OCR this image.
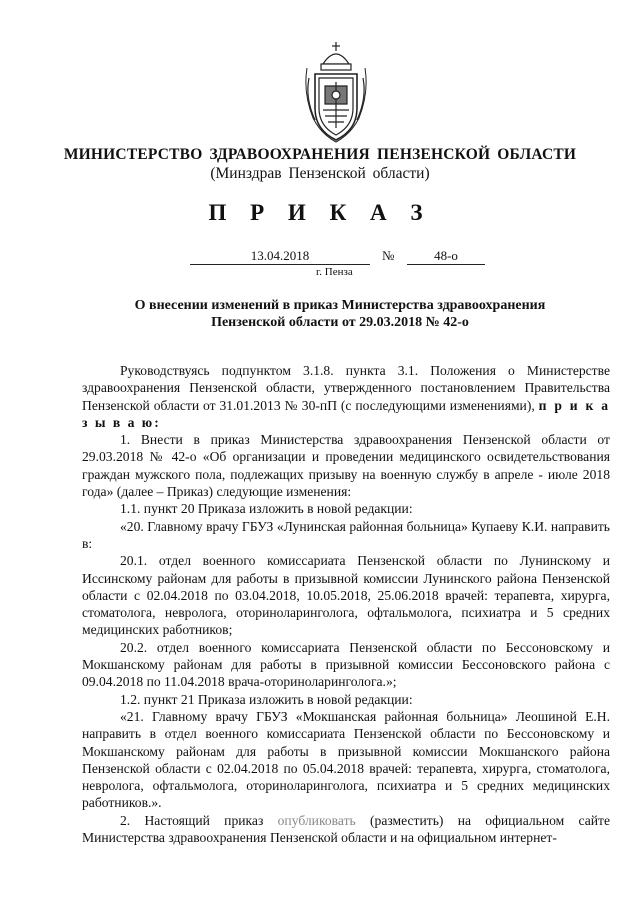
МИНИСТЕРСТВО ЗДРАВООХРАНЕНИЯ ПЕНЗЕНСКОЙ ОБЛАСТИ
(Минздрав Пензенской области)
П Р И К А З
13.04.2018	№	48-о
г. Пенза
О внесении изменений в приказ Министерства здравоохранения
Пензенской области от 29.03.2018 № 42-о

Руководствуясь подпунктом 3.1.8. пункта 3.1. Положения о Министерстве здравоохранения Пензенской области, утвержденного постановлением Правительства Пензенской области от 31.01.2013 № 30-пП (с последующими изменениями), п р и к а з ы в а ю:

1. Внести в приказ Министерства здравоохранения Пензенской области от 29.03.2018 № 42-о «Об организации и проведении медицинского освидетельствования граждан мужского пола, подлежащих призыву на военную службу в апреле - июле 2018 года» (далее – Приказ) следующие изменения:

1.1. пункт 20 Приказа изложить в новой редакции:

«20. Главному врачу ГБУЗ «Лунинская районная больница» Купаеву К.И. направить в:

20.1. отдел военного комиссариата Пензенской области по Лунинскому и Иссинскому районам для работы в призывной комиссии Лунинского района Пензенской области с 02.04.2018 по 03.04.2018, 10.05.2018, 25.06.2018 врачей: терапевта, хирурга, стоматолога, невролога, оториноларинголога, офтальмолога, психиатра и 5 средних медицинских работников;

20.2. отдел военного комиссариата Пензенской области по Бессоновскому и Мокшанскому районам для работы в призывной комиссии Бессоновского района с 09.04.2018 по 11.04.2018 врача-оториноларинголога.»;

1.2. пункт 21 Приказа изложить в новой редакции:

«21. Главному врачу ГБУЗ «Мокшанская районная больница» Леошиной Е.Н. направить в отдел военного комиссариата Пензенской области по Бессоновскому и Мокшанскому районам для работы в призывной комиссии Мокшанского района Пензенской области с 02.04.2018 по 05.04.2018 врачей: терапевта, хирурга, стоматолога, невролога, офтальмолога, оториноларинголога, психиатра и 5 средних медицинских работников.».

2. Настоящий приказ опубликовать (разместить) на официальном сайте Министерства здравоохранения Пензенской области и на официальном интернет-
